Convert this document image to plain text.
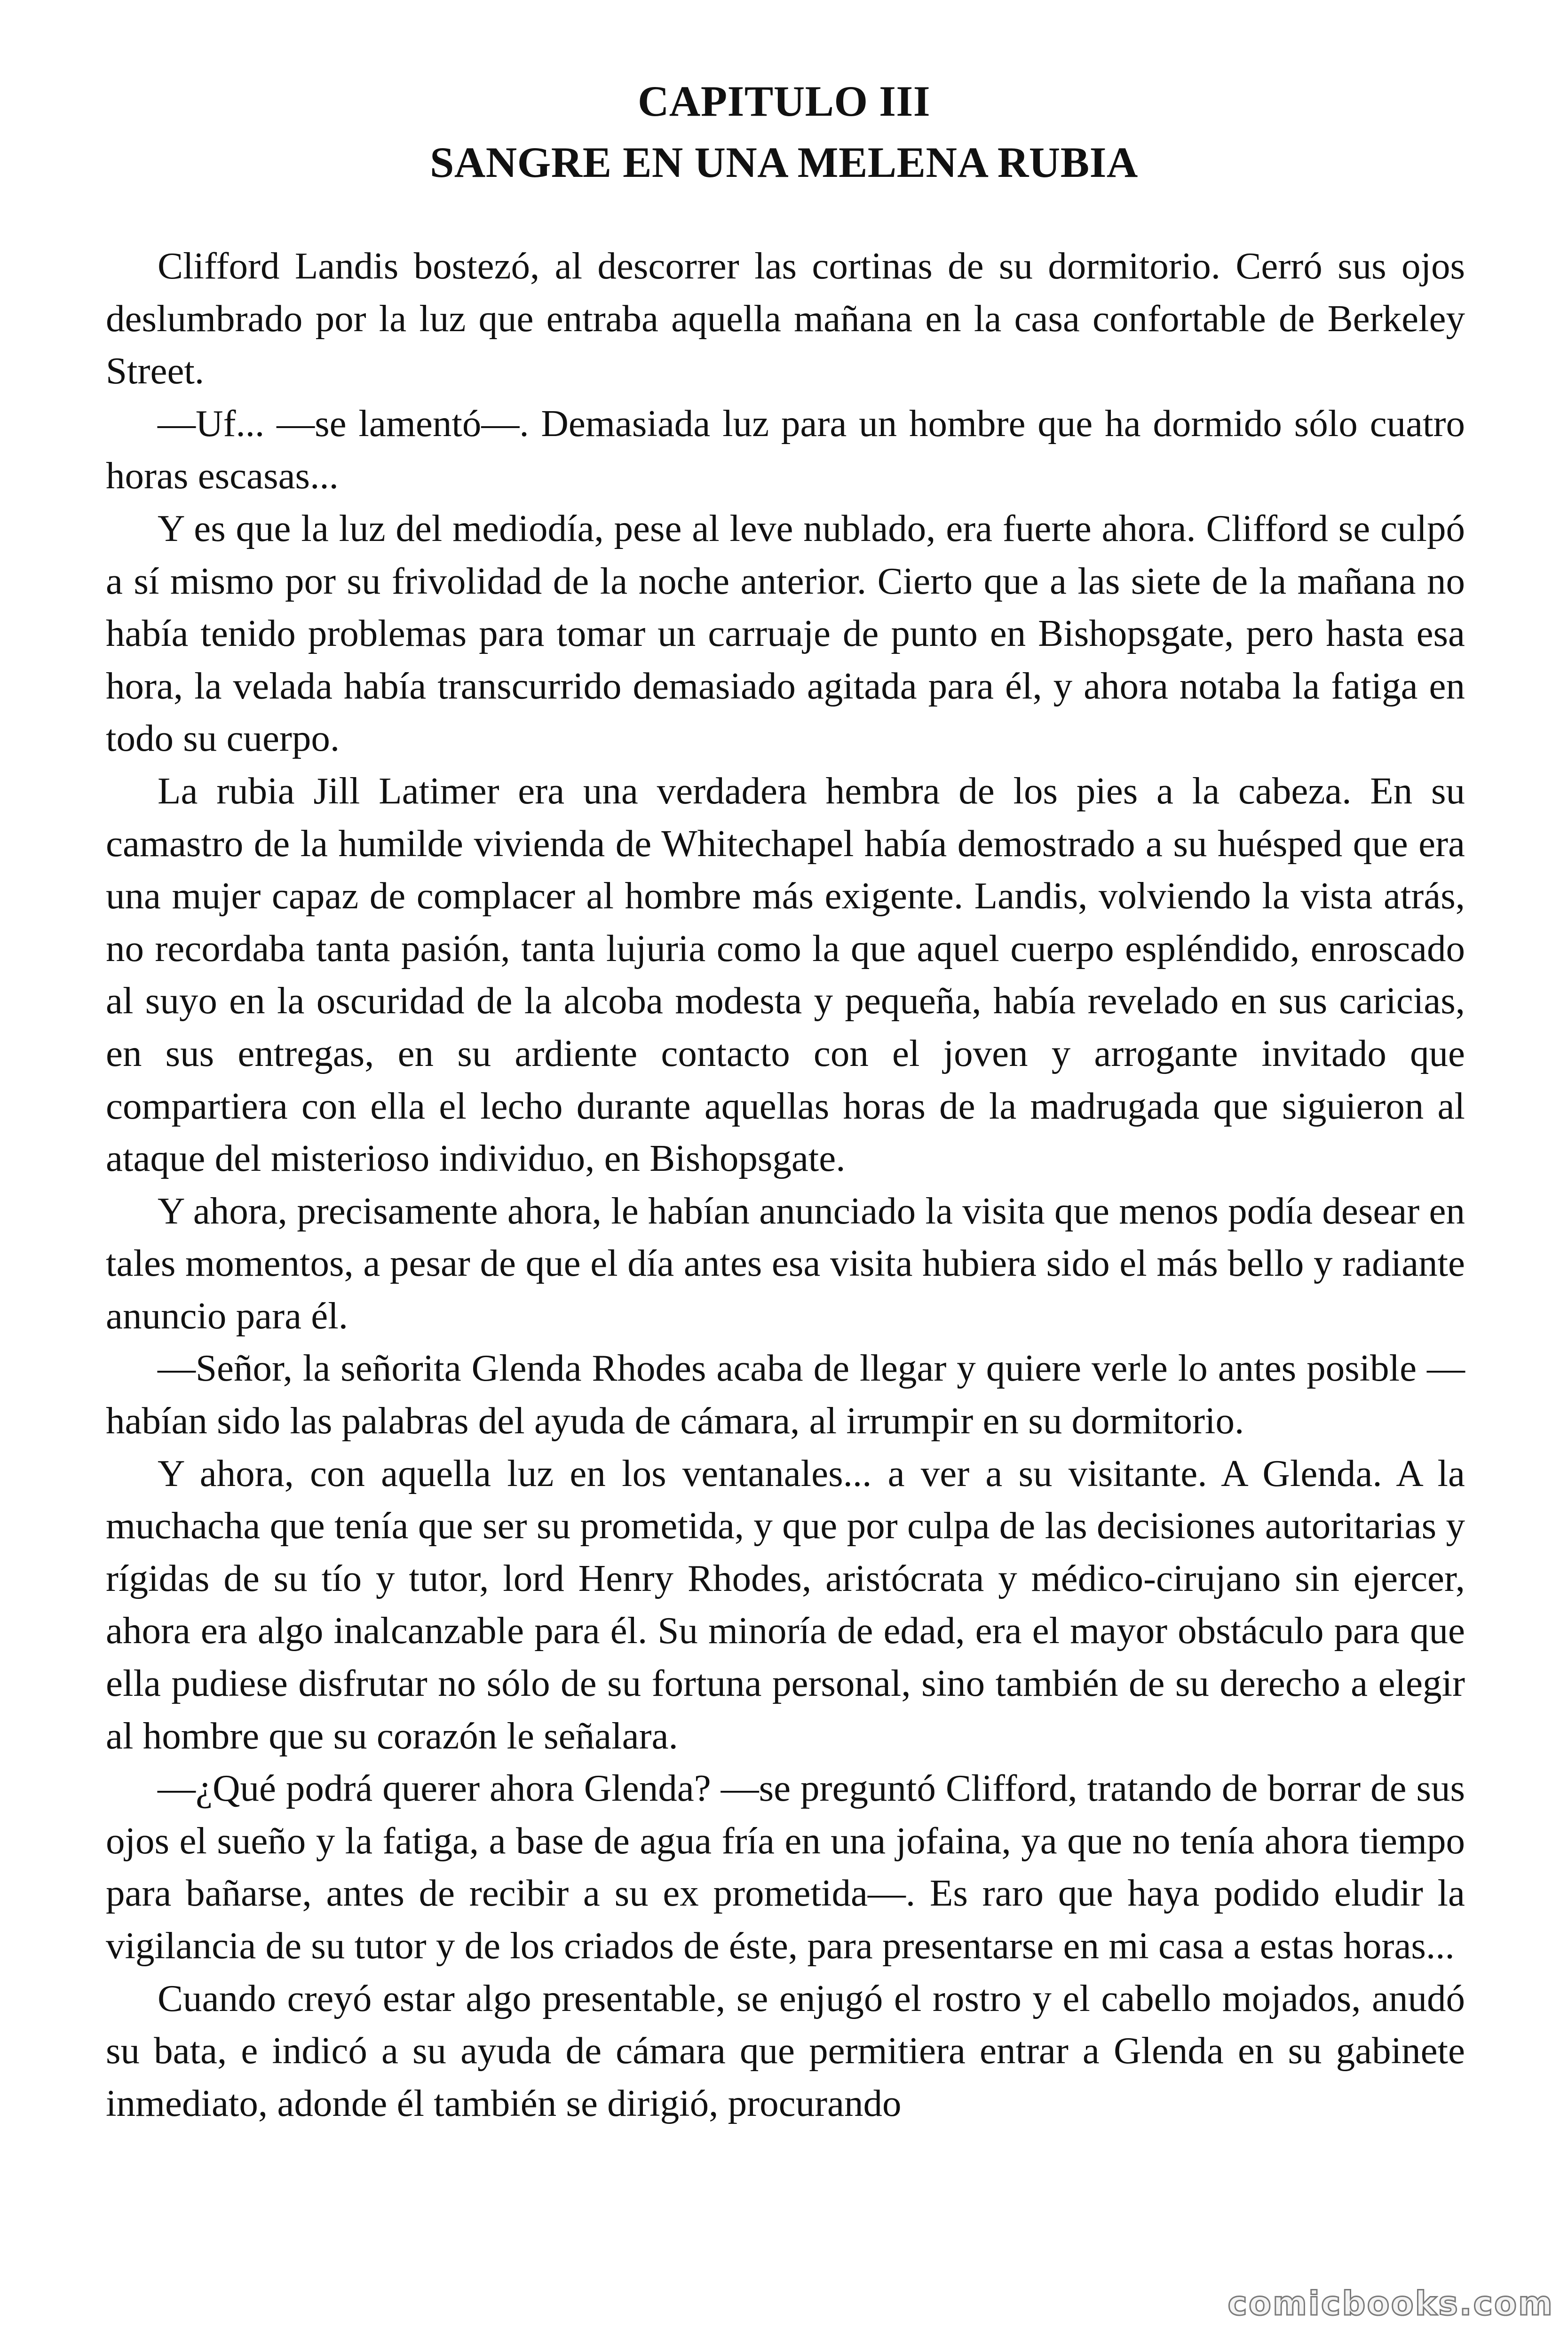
CAPITULO III
SANGRE EN UNA MELENA RUBIA

Clifford Landis bostezó, al descorrer las cortinas de su dormitorio. Cerró sus ojos deslumbrado por la luz que entraba aquella mañana en la casa confortable de Berkeley Street.

—Uf... —se lamentó—. Demasiada luz para un hombre que ha dormido sólo cuatro horas escasas...

Y es que la luz del mediodía, pese al leve nublado, era fuerte ahora. Clifford se culpó a sí mismo por su frivolidad de la noche anterior. Cierto que a las siete de la mañana no había tenido problemas para tomar un carruaje de punto en Bishopsgate, pero hasta esa hora, la velada había transcurrido demasiado agitada para él, y ahora notaba la fatiga en todo su cuerpo.

La rubia Jill Latimer era una verdadera hembra de los pies a la cabeza. En su camastro de la humilde vivienda de Whitechapel había demostrado a su huésped que era una mujer capaz de complacer al hombre más exigente. Landis, volviendo la vista atrás, no recordaba tanta pasión, tanta lujuria como la que aquel cuerpo espléndido, enroscado al suyo en la oscuridad de la alcoba modesta y pequeña, había revelado en sus caricias, en sus entregas, en su ardiente contacto con el joven y arrogante invitado que compartiera con ella el lecho durante aquellas horas de la madrugada que siguieron al ataque del misterioso individuo, en Bishopsgate.

Y ahora, precisamente ahora, le habían anunciado la visita que menos podía desear en tales momentos, a pesar de que el día antes esa visita hubiera sido el más bello y radiante anuncio para él.

—Señor, la señorita Glenda Rhodes acaba de llegar y quiere verle lo antes posible — habían sido las palabras del ayuda de cámara, al irrumpir en su dormitorio.

Y ahora, con aquella luz en los ventanales... a ver a su visitante. A Glenda. A la muchacha que tenía que ser su prometida, y que por culpa de las decisiones autoritarias y rígidas de su tío y tutor, lord Henry Rhodes, aristócrata y médico-cirujano sin ejercer, ahora era algo inalcanzable para él. Su minoría de edad, era el mayor obstáculo para que ella pudiese disfrutar no sólo de su fortuna personal, sino también de su derecho a elegir al hombre que su corazón le señalara.

—¿Qué podrá querer ahora Glenda? —se preguntó Clifford, tratando de borrar de sus ojos el sueño y la fatiga, a base de agua fría en una jofaina, ya que no tenía ahora tiempo para bañarse, antes de recibir a su ex prometida—. Es raro que haya podido eludir la vigilancia de su tutor y de los criados de éste, para presentarse en mi casa a estas horas...

Cuando creyó estar algo presentable, se enjugó el rostro y el cabello mojados, anudó su bata, e indicó a su ayuda de cámara que permitiera entrar a Glenda en su gabinete inmediato, adonde él también se dirigió, procurando

comicbooks.com
